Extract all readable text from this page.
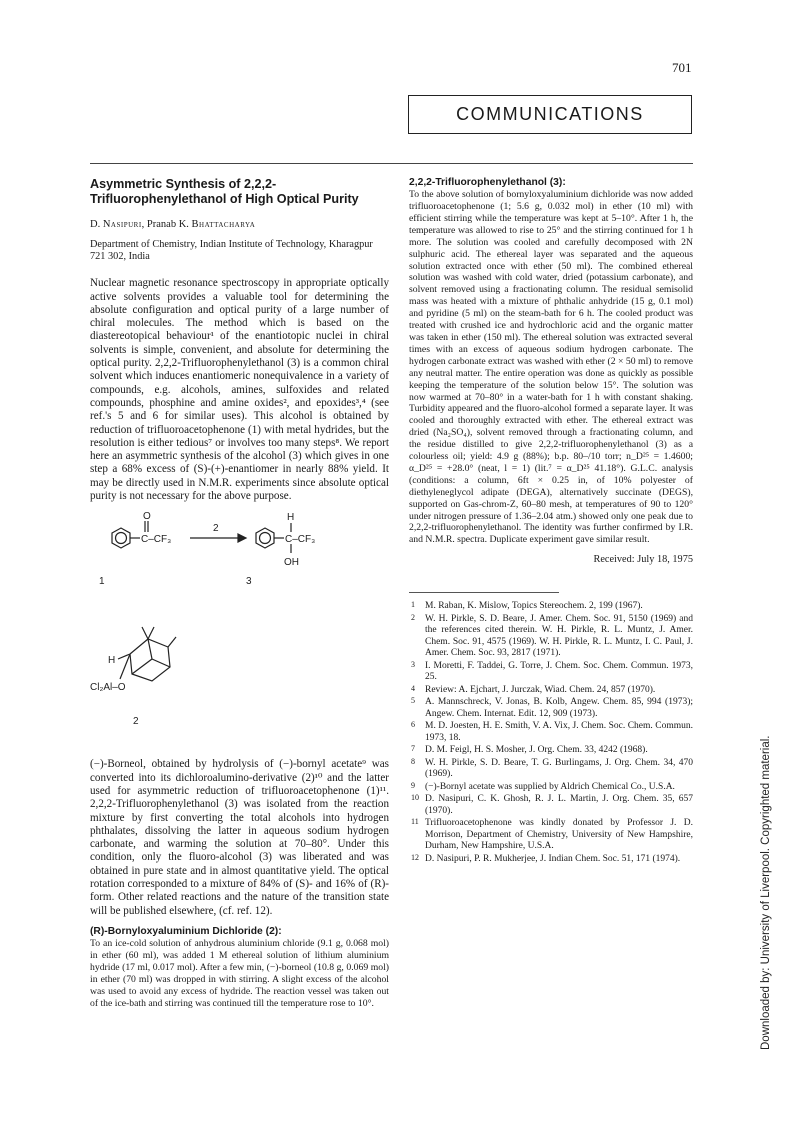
701
COMMUNICATIONS
Asymmetric Synthesis of 2,2,2-Trifluorophenylethanol of High Optical Purity

D. Nasipuri, Pranab K. Bhattacharya

Department of Chemistry, Indian Institute of Technology, Kharagpur 721 302, India

Nuclear magnetic resonance spectroscopy in appropriate optically active solvents provides a valuable tool for determining the absolute configuration and optical purity of a large number of chiral molecules. The method which is based on the diastereotopical behaviour¹ of the enantiotopic nuclei in chiral solvents is simple, convenient, and absolute for determining the optical purity. 2,2,2-Trifluorophenylethanol (3) is a common chiral solvent which induces enantiomeric nonequivalence in a variety of compounds, e.g. alcohols, amines, sulfoxides and related compounds, phosphine and amine oxides², and epoxides³,⁴ (see ref.'s 5 and 6 for similar uses). This alcohol is obtained by reduction of trifluoroacetophenone (1) with metal hydrides, but the resolution is either tedious⁷ or involves too many steps⁸. We report here an asymmetric synthesis of the alcohol (3) which gives in one step a 68% excess of (S)-(+)-enantiomer in nearly 88% yield. It may be directly used in N.M.R. experiments since absolute optical purity is not necessary for the above purpose.

O
C–CF₃
2
H
C–CF₃
OH
1	3
H
Cl₂Al–O
2

(−)-Borneol, obtained by hydrolysis of (−)-bornyl acetate⁹ was converted into its dichloroalumino-derivative (2)¹⁰ and the latter used for asymmetric reduction of trifluoroacetophenone (1)¹¹. 2,2,2-Trifluorophenylethanol (3) was isolated from the reaction mixture by first converting the total alcohols into hydrogen phthalates, dissolving the latter in aqueous sodium hydrogen carbonate, and warming the solution at 70–80°. Under this condition, only the fluoro-alcohol (3) was liberated and was obtained in pure state and in almost quantitative yield. The optical rotation corresponded to a mixture of 84% of (S)- and 16% of (R)-form. Other related reactions and the nature of the transition state will be published elsewhere, (cf. ref. 12).

(R)-Bornyloxyaluminium Dichloride (2):

To an ice-cold solution of anhydrous aluminium chloride (9.1 g, 0.068 mol) in ether (60 ml), was added 1 M ethereal solution of lithium aluminium hydride (17 ml, 0.017 mol). After a few min, (−)-borneol (10.8 g, 0.069 mol) in ether (70 ml) was dropped in with stirring. A slight excess of the alcohol was used to avoid any excess of hydride. The reaction vessel was taken out of the ice-bath and stirring was continued till the temperature rose to 10°.

2,2,2-Trifluorophenylethanol (3):

To the above solution of bornyloxyaluminium dichloride was now added trifluoroacetophenone (1; 5.6 g, 0.032 mol) in ether (10 ml) with efficient stirring while the temperature was kept at 5–10°. After 1 h, the temperature was allowed to rise to 25° and the stirring continued for 1 h more. The solution was cooled and carefully decomposed with 2N sulphuric acid. The ethereal layer was separated and the aqueous solution extracted once with ether (50 ml). The combined ethereal solution was washed with cold water, dried (potassium carbonate), and solvent removed using a fractionating column. The residual semisolid mass was heated with a mixture of phthalic anhydride (15 g, 0.1 mol) and pyridine (5 ml) on the steam-bath for 6 h. The cooled product was treated with crushed ice and hydrochloric acid and the organic matter was taken in ether (150 ml). The ethereal solution was extracted several times with an excess of aqueous sodium hydrogen carbonate. The hydrogen carbonate extract was washed with ether (2 × 50 ml) to remove any neutral matter. The entire operation was done as quickly as possible keeping the temperature of the solution below 15°. The solution was now warmed at 70–80° in a water-bath for 1 h with constant shaking. Turbidity appeared and the fluoro-alcohol formed a separate layer. It was cooled and thoroughly extracted with ether. The ethereal extract was dried (Na₂SO₄), solvent removed through a fractionating column, and the residue distilled to give 2,2,2-trifluorophenylethanol (3) as a colourless oil; yield: 4.9 g (88%); b.p. 80–/10 torr; n_D²⁵ = 1.4600; α_D²⁵ = +28.0° (neat, l = 1) (lit.⁷ = α_D²⁵ 41.18°). G.L.C. analysis (conditions: a column, 6ft × 0.25 in, of 10% polyester of diethyleneglycol adipate (DEGA), alternatively succinate (DEGS), supported on Gas-chrom-Z, 60–80 mesh, at temperatures of 90 to 120° under nitrogen pressure of 1.36–2.04 atm.) showed only one peak due to 2,2,2-trifluorophenylethanol. The identity was further confirmed by I.R. and N.M.R. spectra. Duplicate experiment gave similar result.

Received: July 18, 1975

1 M. Raban, K. Mislow, Topics Stereochem. 2, 199 (1967).
2 W. H. Pirkle, S. D. Beare, J. Amer. Chem. Soc. 91, 5150 (1969) and the references cited therein. W. H. Pirkle, R. L. Muntz, J. Amer. Chem. Soc. 91, 4575 (1969). W. H. Pirkle, R. L. Muntz, I. C. Paul, J. Amer. Chem. Soc. 93, 2817 (1971).
3 I. Moretti, F. Taddei, G. Torre, J. Chem. Soc. Chem. Commun. 1973, 25.
4 Review: A. Ejchart, J. Jurczak, Wiad. Chem. 24, 857 (1970).
5 A. Mannschreck, V. Jonas, B. Kolb, Angew. Chem. 85, 994 (1973); Angew. Chem. Internat. Edit. 12, 909 (1973).
6 M. D. Joesten, H. E. Smith, V. A. Vix, J. Chem. Soc. Chem. Commun. 1973, 18.
7 D. M. Feigl, H. S. Mosher, J. Org. Chem. 33, 4242 (1968).
8 W. H. Pirkle, S. D. Beare, T. G. Burlingams, J. Org. Chem. 34, 470 (1969).
9 (−)-Bornyl acetate was supplied by Aldrich Chemical Co., U.S.A.
10 D. Nasipuri, C. K. Ghosh, R. J. L. Martin, J. Org. Chem. 35, 657 (1970).
11 Trifluoroacetophenone was kindly donated by Professor J. D. Morrison, Department of Chemistry, University of New Hampshire, Durham, New Hampshire, U.S.A.
12 D. Nasipuri, P. R. Mukherjee, J. Indian Chem. Soc. 51, 171 (1974).	Downloaded by: University of Liverpool. Copyrighted material.
